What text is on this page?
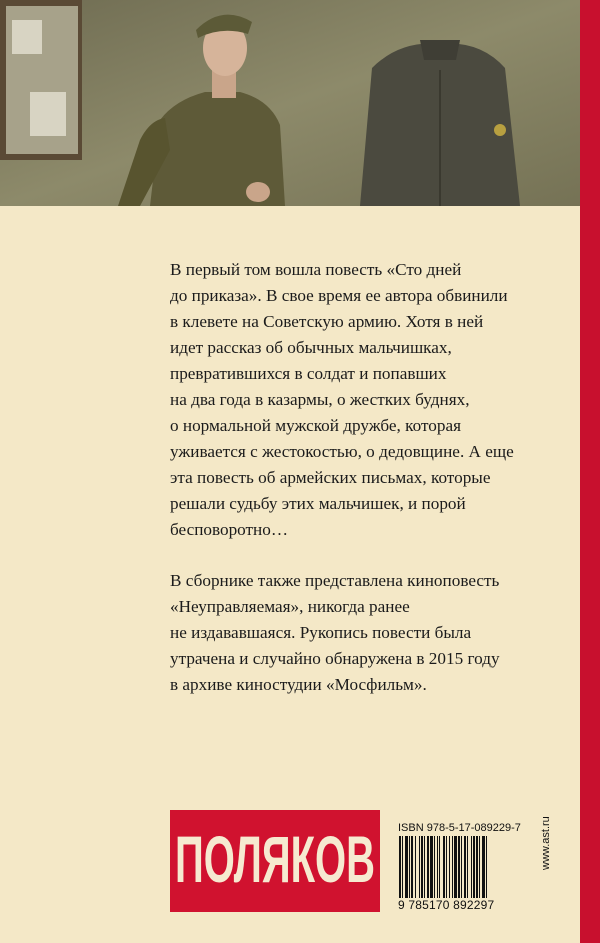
В первый том вошла повесть «Сто дней
до приказа». В свое время ее автора обвинили
в клевете на Советскую армию. Хотя в ней
идет рассказ об обычных мальчишках,
превратившихся в солдат и попавших
на два года в казармы, о жестких буднях,
о нормальной мужской дружбе, которая
уживается с жестокостью, о дедовщине. А еще
эта повесть об армейских письмах, которые
решали судьбу этих мальчишек, и порой
бесповоротно…
В сборнике также представлена киноповесть
«Неуправляемая», никогда ранее
не издававшаяся. Рукопись повести была
утрачена и случайно обнаружена в 2015 году
в архиве киностудии «Мосфильм».
ПОЛЯКОВ ISBN 978-5-17-089229-7
9 785170 892297
www.ast.ru
